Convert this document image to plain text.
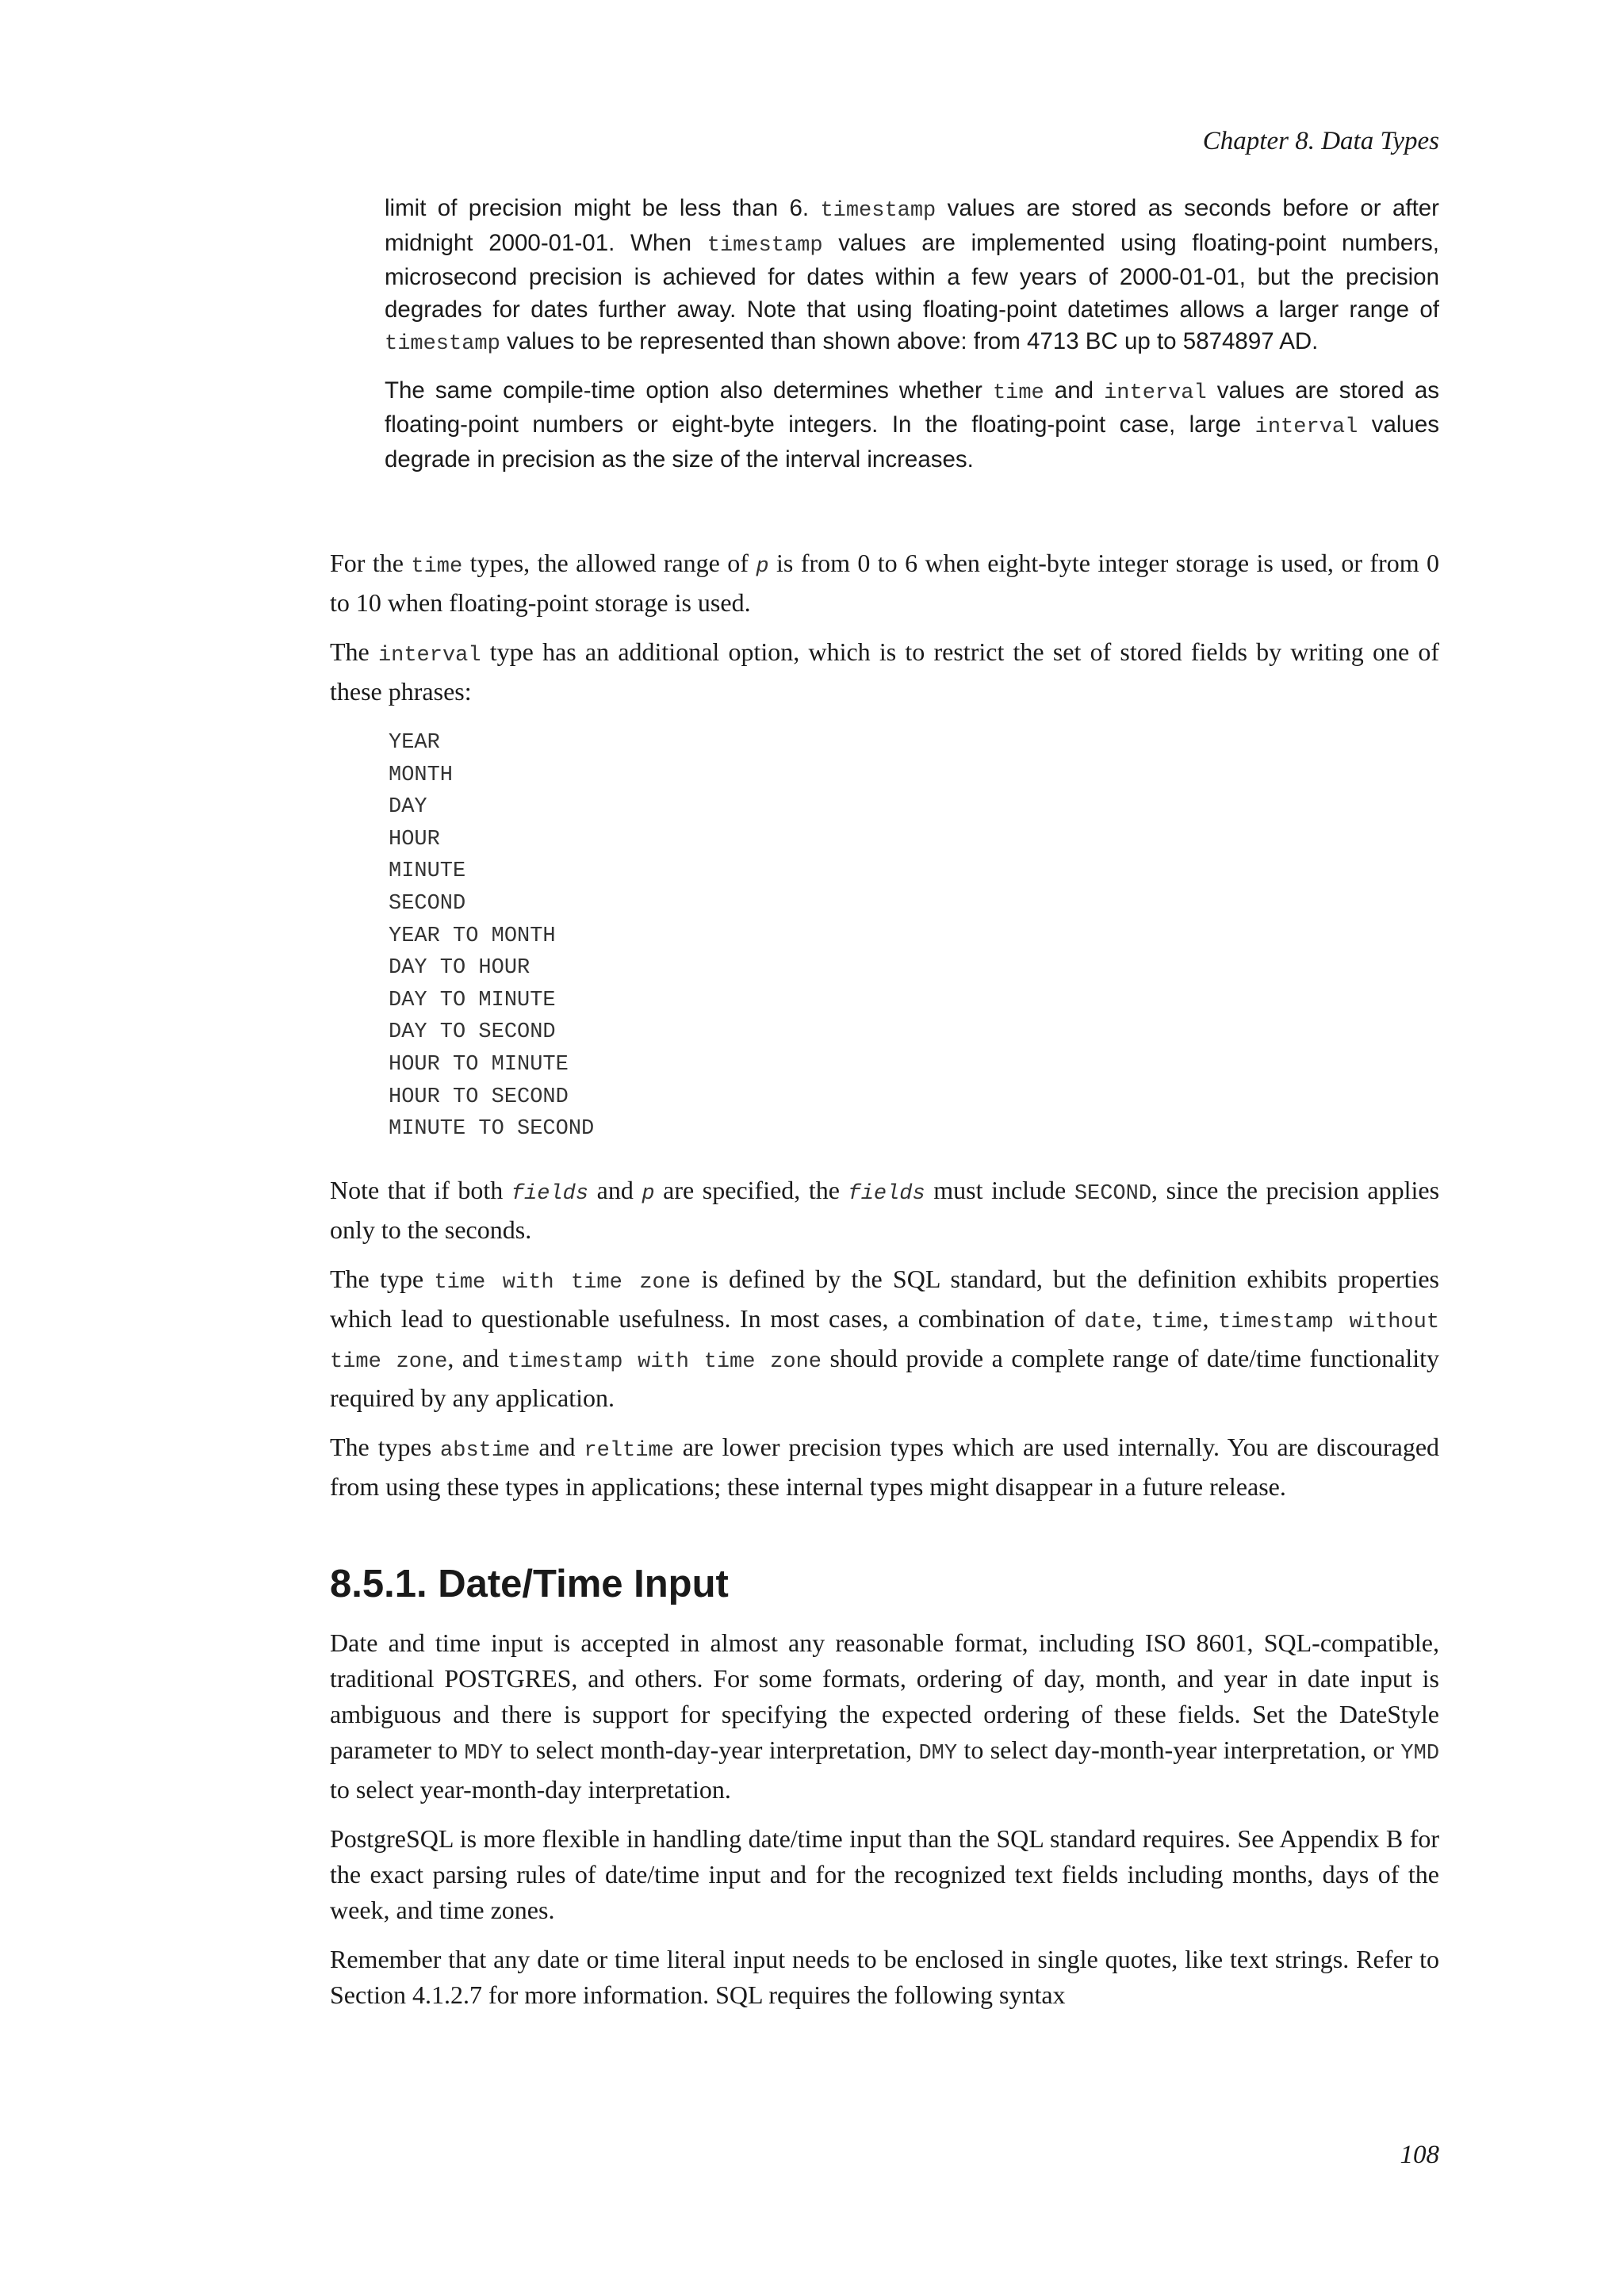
Chapter 8. Data Types

limit of precision might be less than 6. timestamp values are stored as seconds before or after midnight 2000-01-01. When timestamp values are implemented using floating-point numbers, microsecond precision is achieved for dates within a few years of 2000-01-01, but the precision degrades for dates further away. Note that using floating-point datetimes allows a larger range of timestamp values to be represented than shown above: from 4713 BC up to 5874897 AD.

The same compile-time option also determines whether time and interval values are stored as floating-point numbers or eight-byte integers. In the floating-point case, large interval values degrade in precision as the size of the interval increases.

For the time types, the allowed range of p is from 0 to 6 when eight-byte integer storage is used, or from 0 to 10 when floating-point storage is used.

The interval type has an additional option, which is to restrict the set of stored fields by writing one of these phrases:

YEAR
MONTH
DAY
HOUR
MINUTE
SECOND
YEAR TO MONTH
DAY TO HOUR
DAY TO MINUTE
DAY TO SECOND
HOUR TO MINUTE
HOUR TO SECOND
MINUTE TO SECOND

Note that if both fields and p are specified, the fields must include SECOND, since the precision applies only to the seconds.

The type time with time zone is defined by the SQL standard, but the definition exhibits properties which lead to questionable usefulness. In most cases, a combination of date, time, timestamp without time zone, and timestamp with time zone should provide a complete range of date/time functionality required by any application.

The types abstime and reltime are lower precision types which are used internally. You are discouraged from using these types in applications; these internal types might disappear in a future release.

8.5.1. Date/Time Input

Date and time input is accepted in almost any reasonable format, including ISO 8601, SQL-compatible, traditional POSTGRES, and others. For some formats, ordering of day, month, and year in date input is ambiguous and there is support for specifying the expected ordering of these fields. Set the DateStyle parameter to MDY to select month-day-year interpretation, DMY to select day-month-year interpretation, or YMD to select year-month-day interpretation.

PostgreSQL is more flexible in handling date/time input than the SQL standard requires. See Appendix B for the exact parsing rules of date/time input and for the recognized text fields including months, days of the week, and time zones.

Remember that any date or time literal input needs to be enclosed in single quotes, like text strings. Refer to Section 4.1.2.7 for more information. SQL requires the following syntax

108
